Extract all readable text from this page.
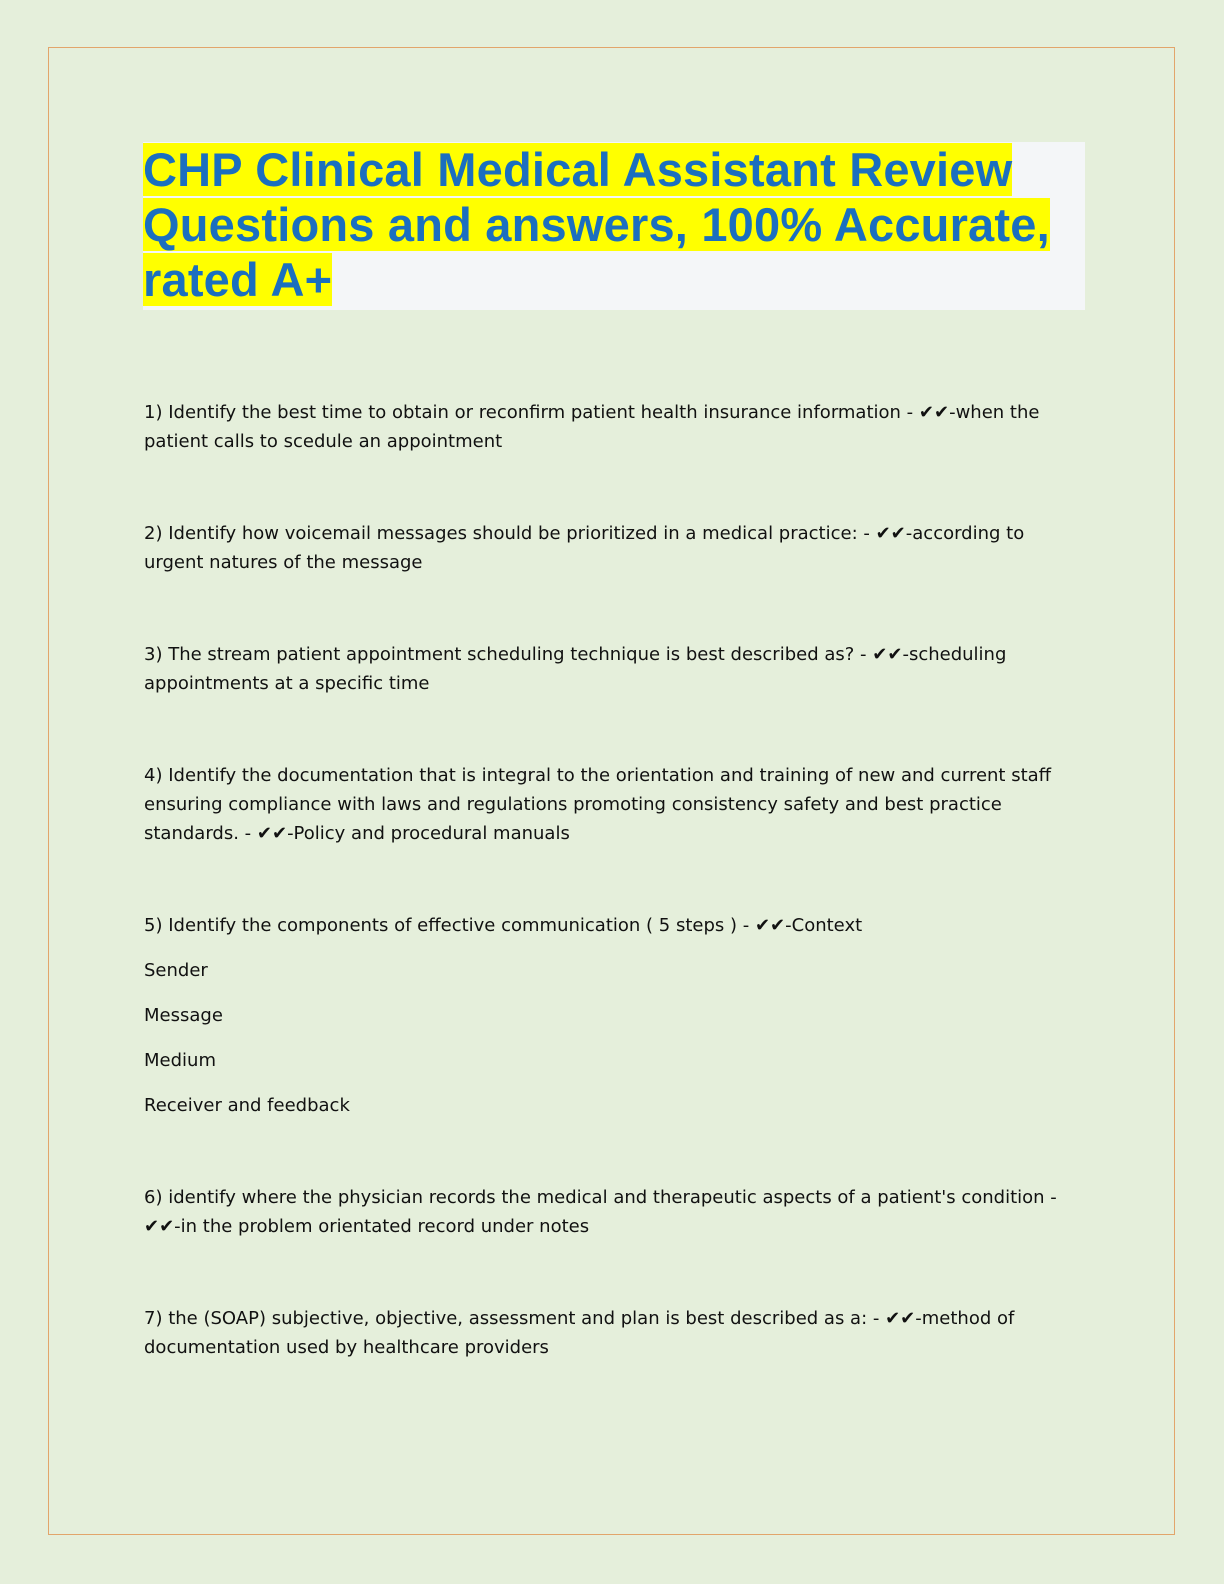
CHP Clinical Medical Assistant Review Questions and answers, 100% Accurate, rated A+

1) Identify the best time to obtain or reconfirm patient health insurance information - ✔✔-when the patient calls to scedule an appointment

2) Identify how voicemail messages should be prioritized in a medical practice: - ✔✔-according to urgent natures of the message

3) The stream patient appointment scheduling technique is best described as? - ✔✔-scheduling appointments at a specific time

4) Identify the documentation that is integral to the orientation and training of new and current staff ensuring compliance with laws and regulations promoting consistency safety and best practice standards. - ✔✔-Policy and procedural manuals

5) Identify the components of effective communication ( 5 steps ) - ✔✔-Context

Sender

Message

Medium

Receiver and feedback

6) identify where the physician records the medical and therapeutic aspects of a patient's condition - ✔✔-in the problem orientated record under notes

7) the (SOAP) subjective, objective, assessment and plan is best described as a: - ✔✔-method of documentation used by healthcare providers
